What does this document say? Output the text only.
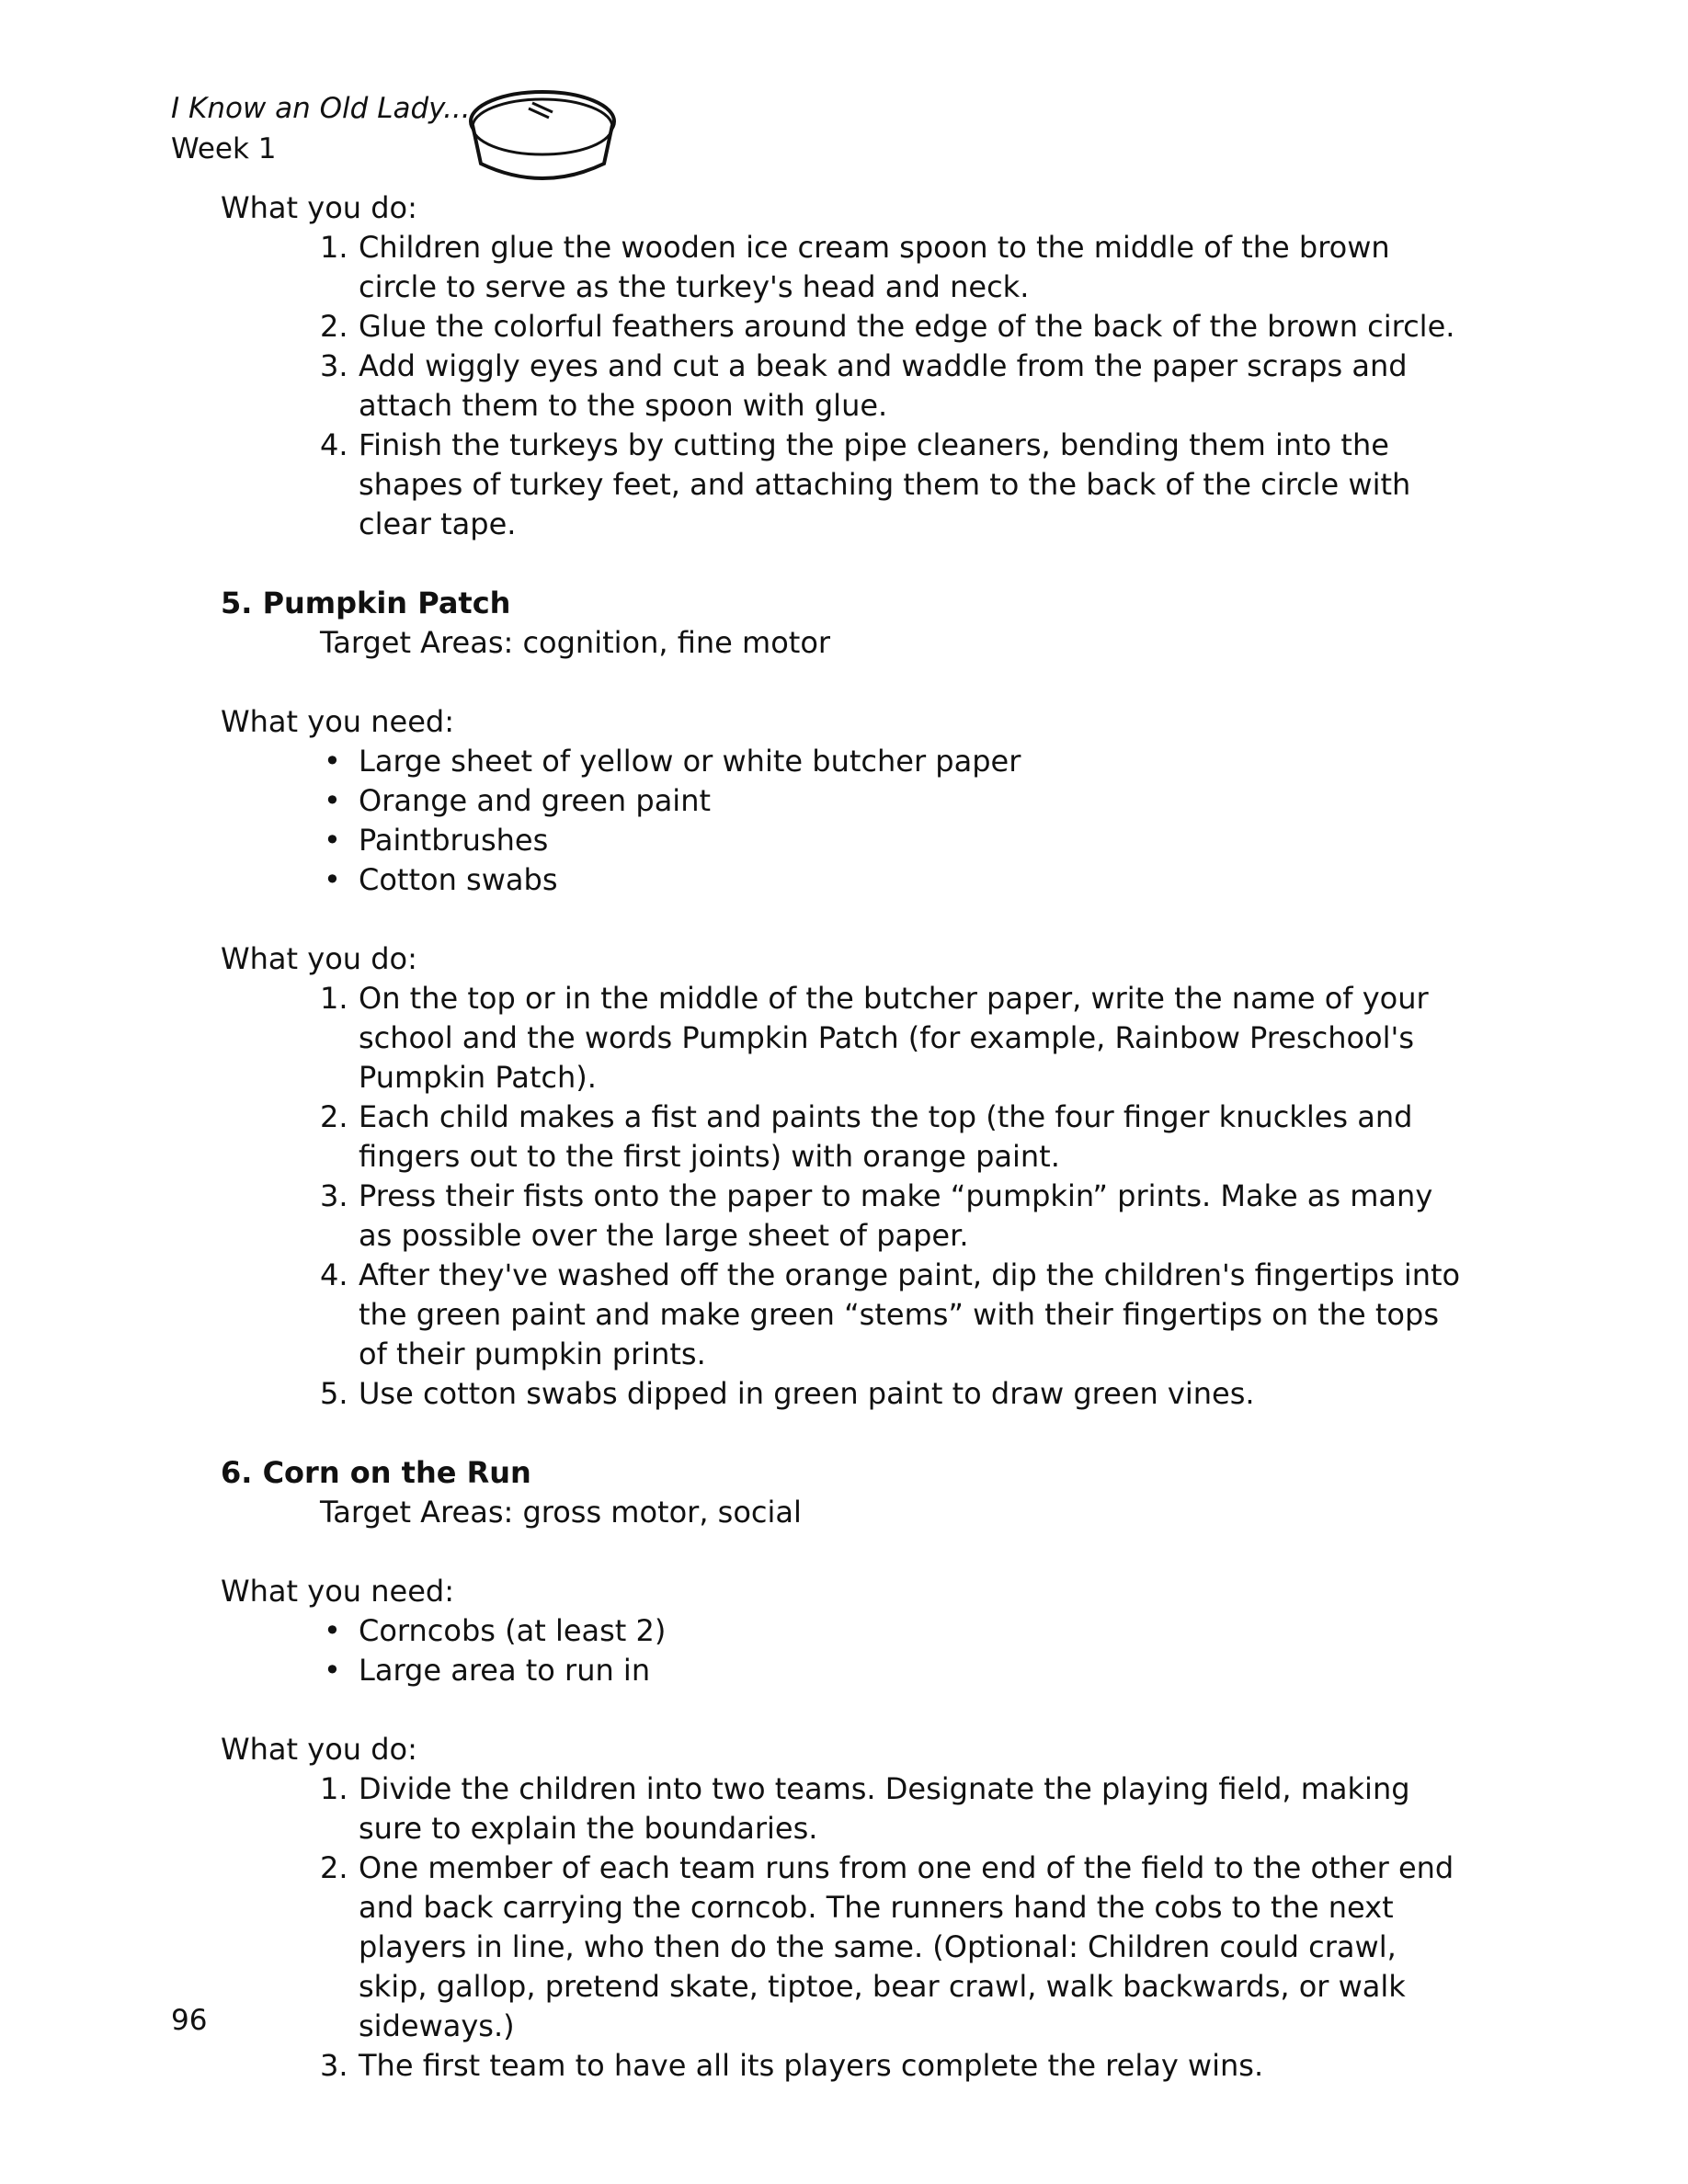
I Know an Old Lady...
Week 1

What you do:

1. Children glue the wooden ice cream spoon to the middle of the brown circle to serve as the turkey's head and neck.
2. Glue the colorful feathers around the edge of the back of the brown circle.
3. Add wiggly eyes and cut a beak and waddle from the paper scraps and attach them to the spoon with glue.
4. Finish the turkeys by cutting the pipe cleaners, bending them into the shapes of turkey feet, and attaching them to the back of the circle with clear tape.

5. Pumpkin Patch

Target Areas: cognition, fine motor

What you need:

• Large sheet of yellow or white butcher paper
• Orange and green paint
• Paintbrushes
• Cotton swabs

What you do:

1. On the top or in the middle of the butcher paper, write the name of your school and the words Pumpkin Patch (for example, Rainbow Preschool's Pumpkin Patch).
2. Each child makes a fist and paints the top (the four finger knuckles and fingers out to the first joints) with orange paint.
3. Press their fists onto the paper to make “pumpkin” prints. Make as many as possible over the large sheet of paper.
4. After they've washed off the orange paint, dip the children's fingertips into the green paint and make green “stems” with their fingertips on the tops of their pumpkin prints.
5. Use cotton swabs dipped in green paint to draw green vines.

6. Corn on the Run

Target Areas: gross motor, social

What you need:

• Corncobs (at least 2)
• Large area to run in

What you do:

1. Divide the children into two teams. Designate the playing field, making sure to explain the boundaries.
2. One member of each team runs from one end of the field to the other end and back carrying the corncob. The runners hand the cobs to the next players in line, who then do the same. (Optional: Children could crawl, skip, gallop, pretend skate, tiptoe, bear crawl, walk backwards, or walk sideways.)
3. The first team to have all its players complete the relay wins.
96
